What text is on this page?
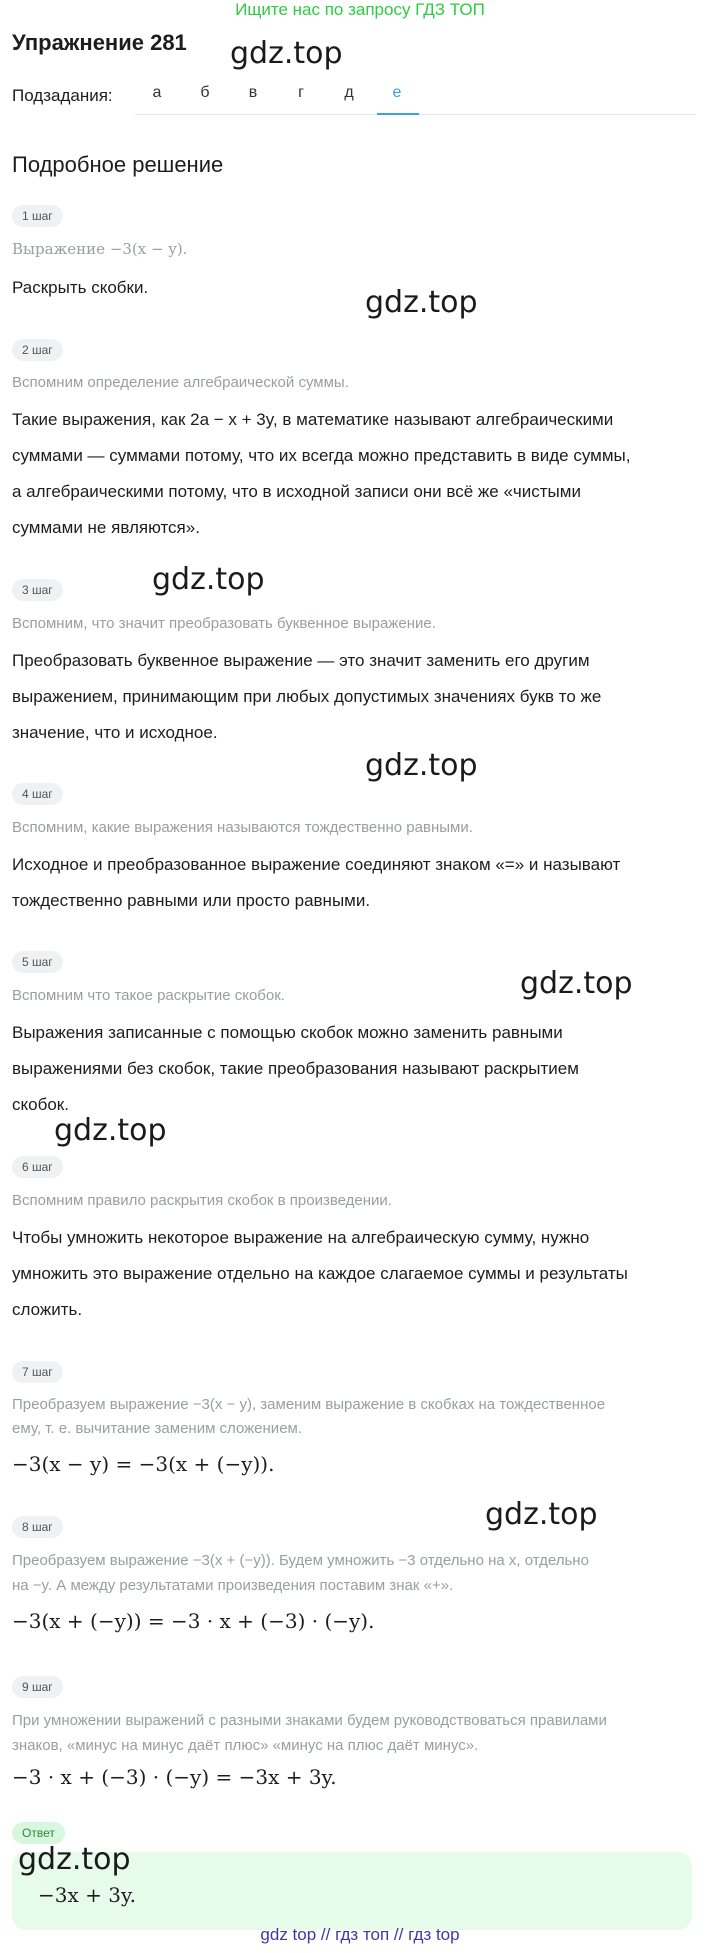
Ищите нас по запросу ГДЗ ТОП
Упражнение 281 gdz.top
Подзадания:	а	б	в	г	д	е
Подробное решение
1 шаг
Выражение −3(x − y).
Раскрыть скобки.	gdz.top
2 шаг
Вспомним определение алгебраической суммы.
Такие выражения, как 2a − x + 3y, в математике называют алгебраическими
суммами — суммами потому, что их всегда можно представить в виде суммы,
а алгебраическими потому, что в исходной записи они всё же «чистыми
суммами не являются».
gdz.top
3 шаг
Вспомним, что значит преобразовать буквенное выражение.
Преобразовать буквенное выражение — это значит заменить его другим
выражением, принимающим при любых допустимых значениях букв то же
значение, что и исходное.
gdz.top
4 шаг
Вспомним, какие выражения называются тождественно равными.
Исходное и преобразованное выражение соединяют знаком «=» и называют
тождественно равными или просто равными.
5 шаг
gdz.top
Вспомним что такое раскрытие скобок.
Выражения записанные с помощью скобок можно заменить равными
выражениями без скобок, такие преобразования называют раскрытием
скобок.
gdz.top
6 шаг
Вспомним правило раскрытия скобок в произведении.
Чтобы умножить некоторое выражение на алгебраическую сумму, нужно
умножить это выражение отдельно на каждое слагаемое суммы и результаты
сложить.
7 шаг
Преобразуем выражение −3(x − y), заменим выражение в скобках на тождественное
ему, т. е. вычитание заменим сложением.
−3(x − y) = −3(x + (−y)).
gdz.top
8 шаг
Преобразуем выражение −3(x + (−y)). Будем умножить −3 отдельно на x, отдельно
на −y. А между результатами произведения поставим знак «+».
−3(x + (−y)) = −3 · x + (−3) · (−y).
9 шаг
При умножении выражений с разными знаками будем руководствоваться правилами
знаков, «минус на минус даёт плюс» «минус на плюс даёт минус».
−3 · x + (−3) · (−y) = −3x + 3y.
Ответ
−3x + 3y.
gdz.top
gdz top // гдз топ // гдз top
